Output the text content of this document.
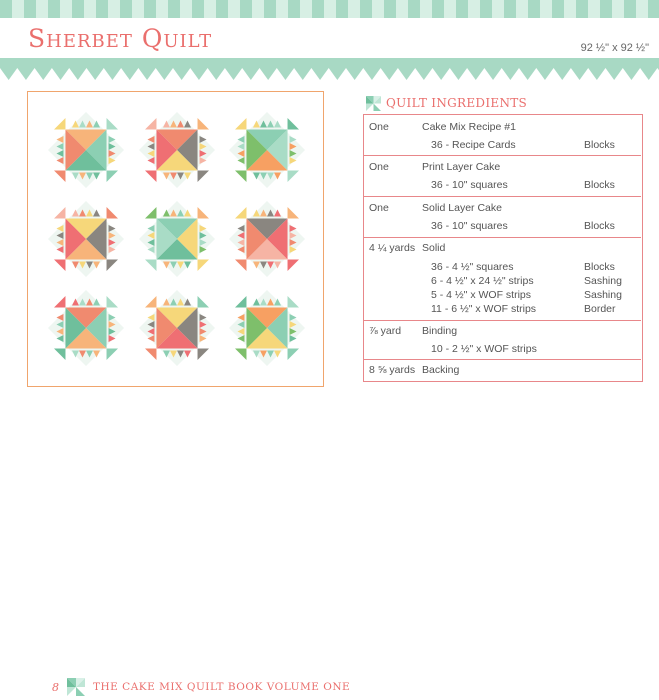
Sherbet Quilt	92 ½" x 92 ½"
QUILT INGREDIENTS
One	Cake Mix Recipe #1
36 - Recipe Cards	Blocks
One	Print Layer Cake
36 - 10" squares	Blocks
One	Solid Layer Cake
36 - 10" squares	Blocks
4 ¼ yards Solid
36 - 4 ½" squares	Blocks
6 - 4 ½" x 24 ½" strips	Sashing
5 - 4 ½" x WOF strips	Sashing
11 - 6 ½" x WOF strips	Border
⅞ yard Binding
10 - 2 ½" x WOF strips
8 ⅝ yards Backing
8	THE CAKE MIX QUILT BOOK VOLUME ONE
